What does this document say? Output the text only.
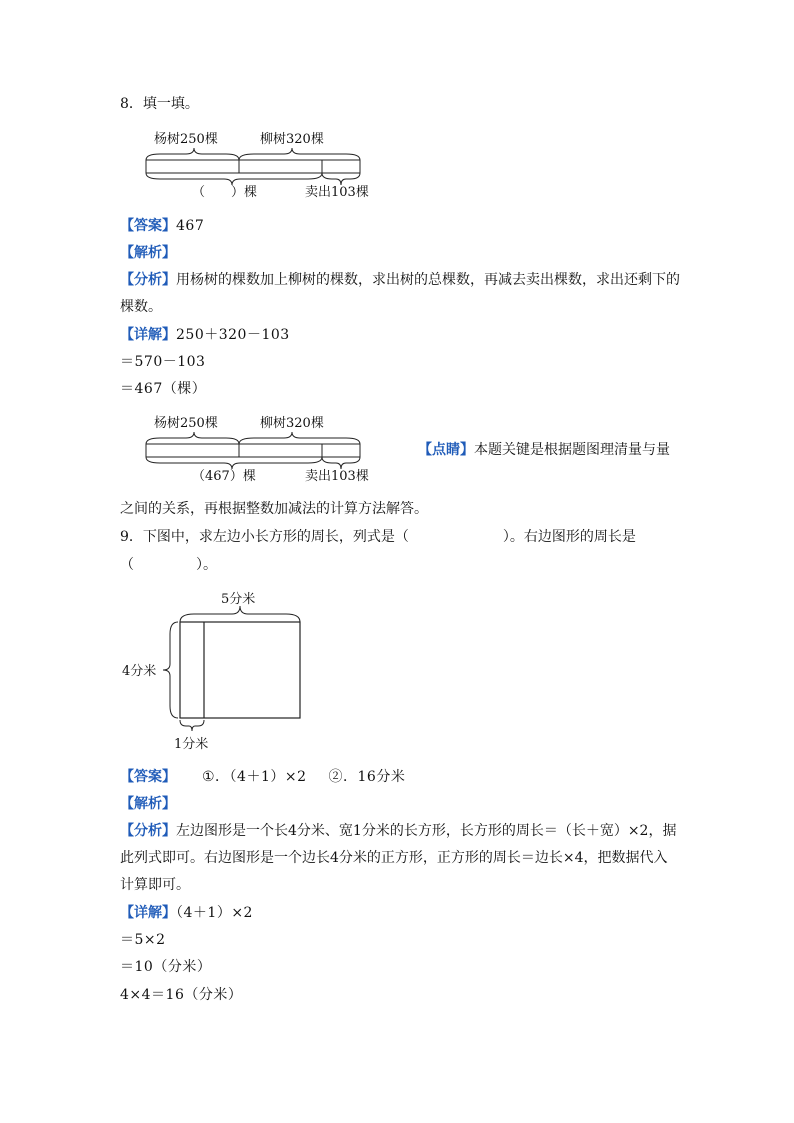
8．填一填。
杨树250棵	柳树320棵
（　　）棵	卖出103棵
【答案】467
【解析】
【分析】用杨树的棵数加上柳树的棵数，求出树的总棵数，再减去卖出棵数，求出还剩下的棵数。
【详解】250＋320－103
＝570－103
＝467（棵）
杨树250棵	柳树320棵
（467）棵	卖出103棵
【点睛】本题关键是根据题图理清量与量
之间的关系，再根据整数加减法的计算方法解答。
9．下图中，求左边小长方形的周长，列式是（	）。右边图形的周长是
（	）。
5分米
4分米
1分米
【答案】 ①．（4＋1）×2 ②．16分米
【解析】
【分析】左边图形是一个长4分米、宽1分米的长方形，长方形的周长＝（长＋宽）×2，据此列式即可。右边图形是一个边长4分米的正方形，正方形的周长＝边长×4，把数据代入计算即可。
【详解】（4＋1）×2
＝5×2
＝10（分米）
4×4＝16（分米）
